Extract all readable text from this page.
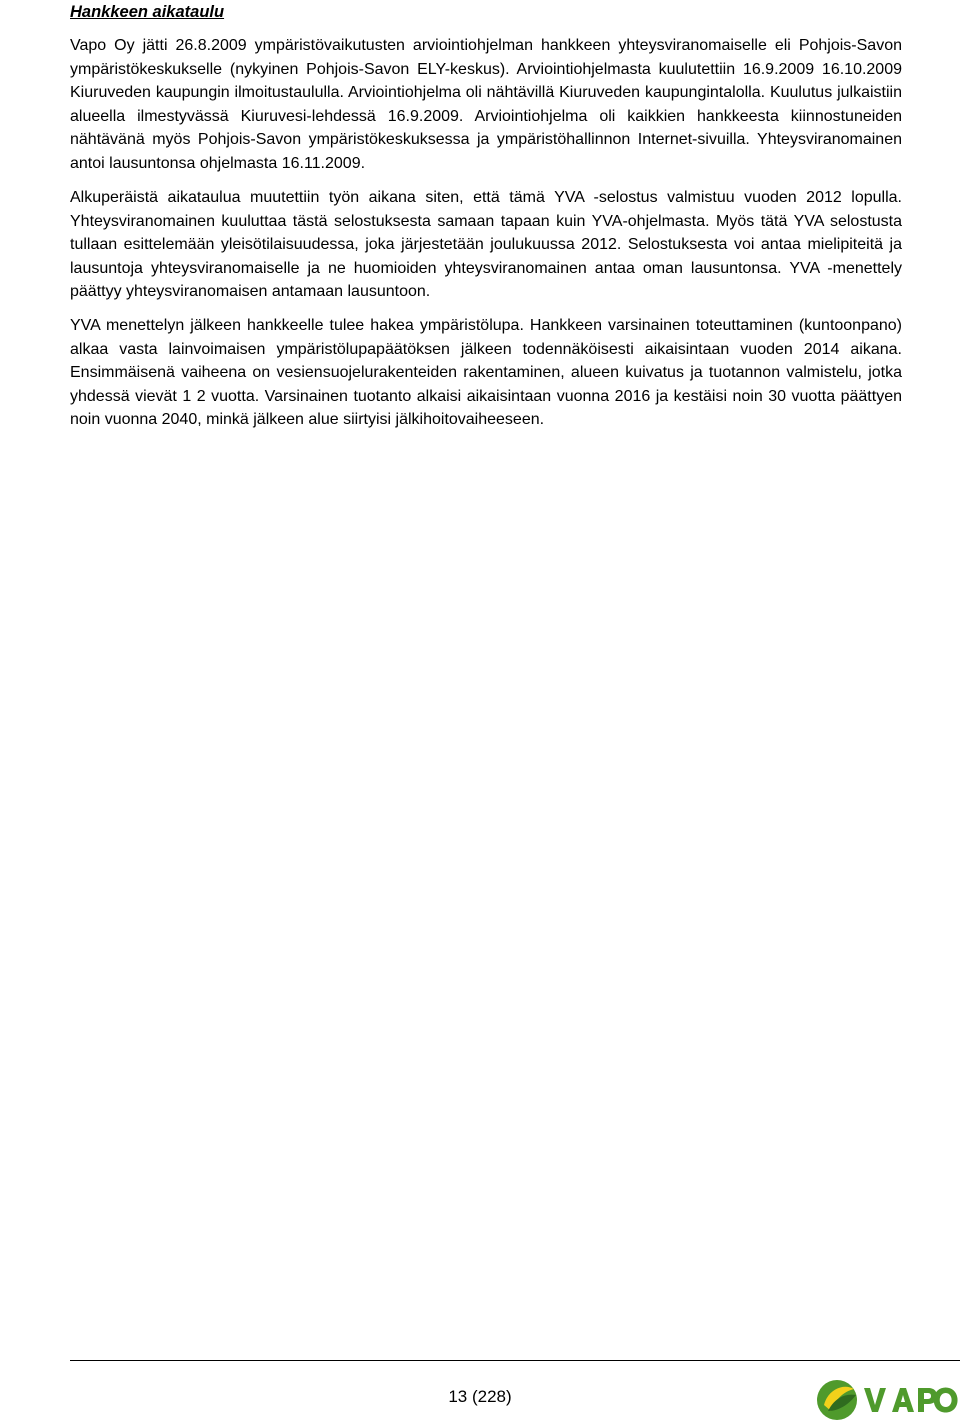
Hankkeen aikataulu

Vapo Oy jätti 26.8.2009 ympäristövaikutusten arviointiohjelman hankkeen yhteysviranomaiselle eli Pohjois-Savon ympäristökeskukselle (nykyinen Pohjois-Savon ELY-keskus). Arviointiohjelmasta kuulutettiin 16.9.2009 16.10.2009 Kiuruveden kaupungin ilmoitustaululla. Arviointiohjelma oli nähtävillä Kiuruveden kaupungintalolla. Kuulutus julkaistiin alueella ilmestyvässä Kiuruvesi-lehdessä 16.9.2009. Arviointiohjelma oli kaikkien hankkeesta kiinnostuneiden nähtävänä myös Pohjois-Savon ympäristökeskuksessa ja ympäristöhallinnon Internet-sivuilla. Yhteysviranomainen antoi lausuntonsa ohjelmasta 16.11.2009.

Alkuperäistä aikataulua muutettiin työn aikana siten, että tämä YVA -selostus valmistuu vuoden 2012 lopulla. Yhteysviranomainen kuuluttaa tästä selostuksesta samaan tapaan kuin YVA-ohjelmasta. Myös tätä YVA selostusta tullaan esittelemään yleisötilaisuudessa, joka järjestetään joulukuussa 2012. Selostuksesta voi antaa mielipiteitä ja lausuntoja yhteysviranomaiselle ja ne huomioiden yhteysviranomainen antaa oman lausuntonsa. YVA -menettely päättyy yhteysviranomaisen antamaan lausuntoon.

YVA menettelyn jälkeen hankkeelle tulee hakea ympäristölupa. Hankkeen varsinainen toteuttaminen (kuntoonpano) alkaa vasta lainvoimaisen ympäristölupapäätöksen jälkeen todennäköisesti aikaisintaan vuoden 2014 aikana. Ensimmäisenä vaiheena on vesiensuojelurakenteiden rakentaminen, alueen kuivatus ja tuotannon valmistelu, jotka yhdessä vievät 1 2 vuotta. Varsinainen tuotanto alkaisi aikaisintaan vuonna 2016 ja kestäisi noin 30 vuotta päättyen noin vuonna 2040, minkä jälkeen alue siirtyisi jälkihoitovaiheeseen.

13 (228)
